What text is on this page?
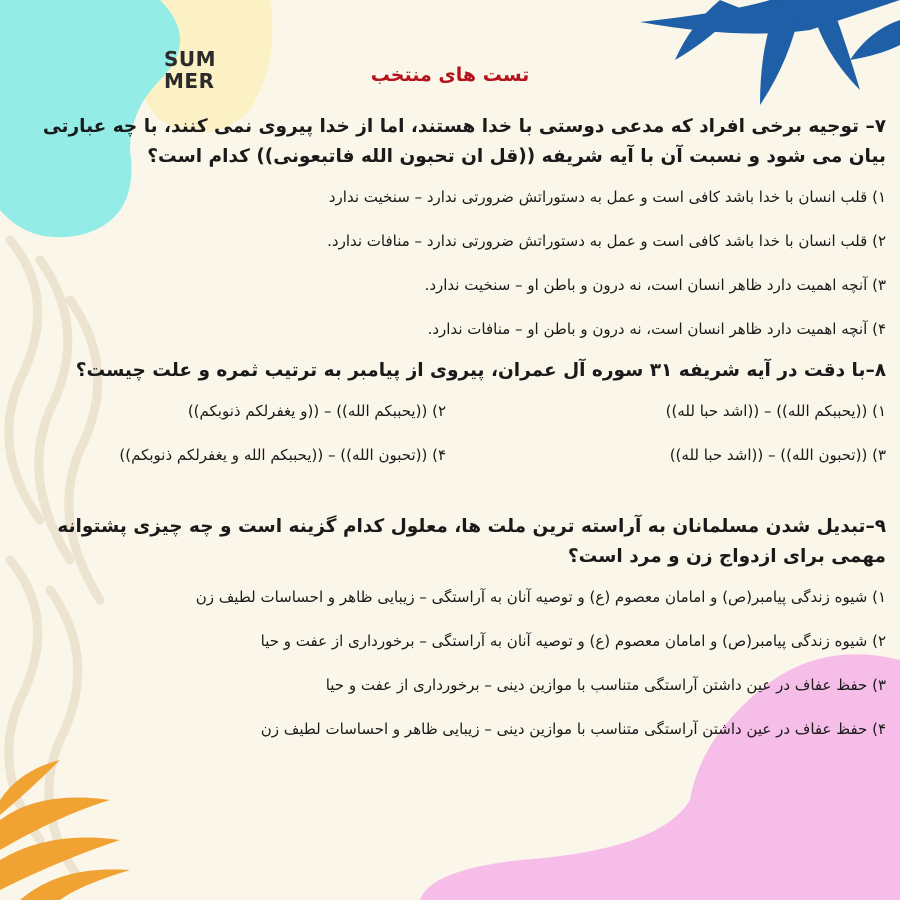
SUM
MER	تست های منتخب

۷– توجیه برخی افراد که مدعی دوستی با خدا هستند، اما از خدا پیروی نمی کنند، با چه عبارتی بیان می شود و نسبت آن با آیه شریفه ((قل ان تحبون الله فاتبعونی)) کدام است؟

۱) قلب انسان با خدا باشد کافی است و عمل به دستوراتش ضرورتی ندارد – سنخیت ندارد

۲) قلب انسان با خدا باشد کافی است و عمل به دستوراتش ضرورتی ندارد – منافات ندارد.

۳) آنچه اهمیت دارد ظاهر انسان است، نه درون و باطن او – سنخیت ندارد.

۴) آنچه اهمیت دارد ظاهر انسان است، نه درون و باطن او – منافات ندارد.

۸–با دقت در آیه شریفه ۳۱ سوره آل عمران، پیروی از پیامبر به ترتیب ثمره و علت چیست؟

۱) ((یحببکم الله)) – ((اشد حبا لله))
۲) ((یحببکم الله)) – ((و یغفرلکم ذنوبکم))
۳) ((تحبون الله)) – ((اشد حبا لله))
۴) ((تحبون الله)) – ((یحببکم الله و یغفرلکم ذنوبکم))

۹–تبدیل شدن مسلمانان به آراسته ترین ملت ها، معلول کدام گزینه است و چه چیزی پشتوانه مهمی برای ازدواج زن و مرد است؟

۱) شیوه زندگی پیامبر(ص) و امامان معصوم (ع) و توصیه آنان به آراستگی – زیبایی ظاهر و احساسات لطیف زن

۲) شیوه زندگی پیامبر(ص) و امامان معصوم (ع) و توصیه آنان به آراستگی – برخورداری از عفت و حیا

۳) حفظ عفاف در عین داشتن آراستگی متناسب با موازین دینی – برخورداری از عفت و حیا

۴) حفظ عفاف در عین داشتن آراستگی متناسب با موازین دینی – زیبایی ظاهر و احساسات لطیف زن
